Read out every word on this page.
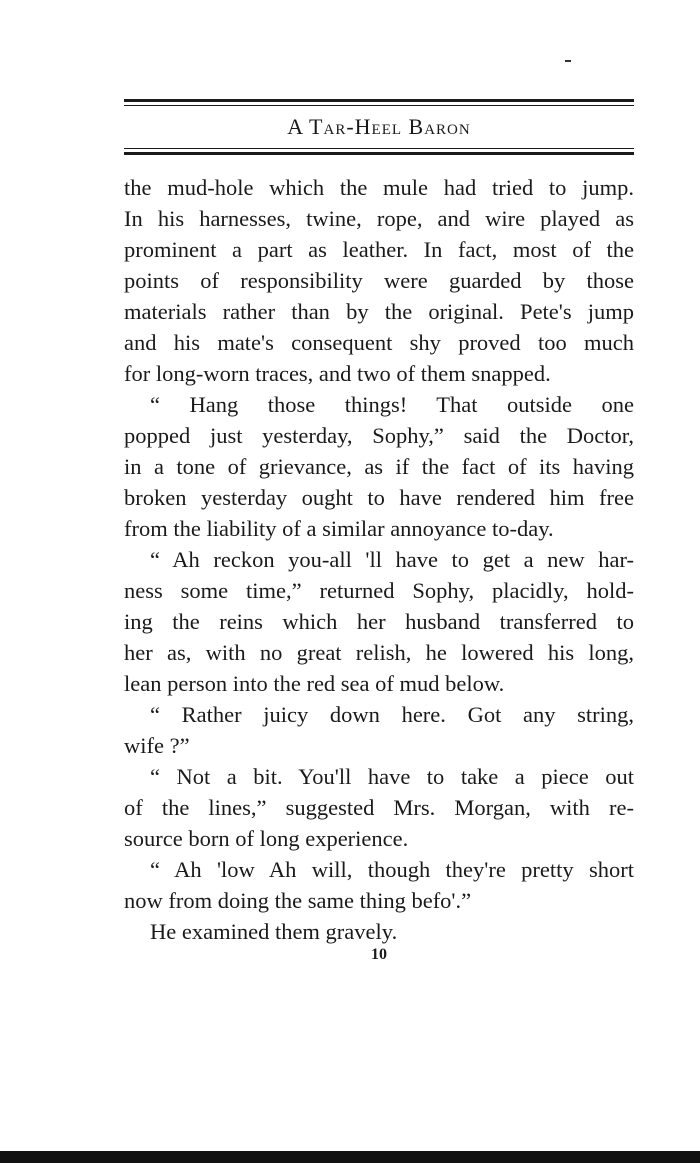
A Tar-Heel Baron
the mud-hole which the mule had tried to jump.
In his harnesses, twine, rope, and wire played as
prominent a part as leather. In fact, most of the
points of responsibility were guarded by those
materials rather than by the original. Pete's jump
and his mate's consequent shy proved too much
for long-worn traces, and two of them snapped.
“ Hang those things! That outside one
popped just yesterday, Sophy,” said the Doctor,
in a tone of grievance, as if the fact of its having
broken yesterday ought to have rendered him free
from the liability of a similar annoyance to-day.
“ Ah reckon you-all 'll have to get a new har-
ness some time,” returned Sophy, placidly, hold-
ing the reins which her husband transferred to
her as, with no great relish, he lowered his long,
lean person into the red sea of mud below.
“ Rather juicy down here. Got any string,
wife ?”
“ Not a bit. You'll have to take a piece out
of the lines,” suggested Mrs. Morgan, with re-
source born of long experience.
“ Ah 'low Ah will, though they're pretty short
now from doing the same thing befo'.”
He examined them gravely.
10
